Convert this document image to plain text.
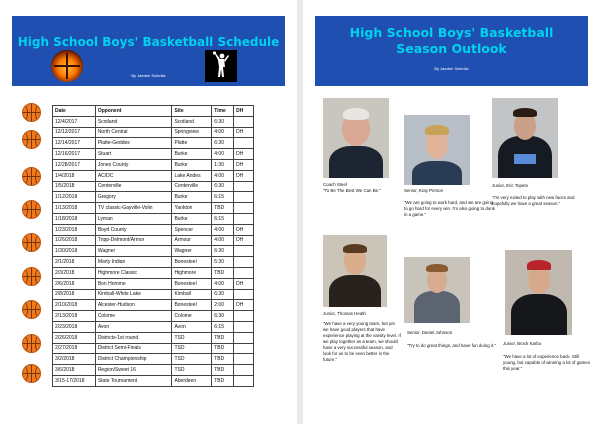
High School Boys' Basketball Schedule
By Jaeden Schmitz
Date	Opponent	Site	Time	DH
12/4/2017	Scotland	Scotland	6:30	
12/12/2017	North Central	Springview	4:00	DH
12/14/2017	Platte-Geddes	Platte	6:30	
12/16/2017	Stuart	Burke	4:00	DH
12/28/2017	Jones County	Burke	1:30	DH
1/4/2018	AC/DC	Lake Andes	4:00	DH
1/5/2018	Centerville	Centerville	6:30	
1/12/2018	Gregory	Burke	6:15	
1/13/2018	TV classic-Gayville-Volin	Yankton	TBD	
1/18/2018	Lyman	Burke	6:15	
1/23/2018	Boyd County	Spencer	4:00	DH
1/26/2018	Tripp-Delmont/Armor	Armour	4:00	DH
1/30/2018	Wagner	Wagner	6:30	
2/1/2018	Marty Indian	Bonesteel	5:30	
2/3/2018	Highmore Classic	Highmore	TBD	
2/6/2018	Bon Homme	Bonesteel	4:00	DH
2/8/2018	Kimball-White Lake	Kimball	6:30	
2/10/2018	Alcester-Hudson	Bonesteel	2:00	DH
2/13/2018	Colome	Colome	6:30	
2/23/2018	Avon	Avon	6:15	
2/26/2018	Districts-1st round	TSD	TBD	
2/27/2018	District Semi-Finals	TSD	TBD	
3/2/2018	District Championship	TSD	TBD	
3/6/2018	Region/Sweet 16	TSD	TBD	
3/15-17/2018	State Tournament	Aberdeen	TBD	
High School Boys' Basketball Season Outlook
By Jaeden Schmitz
Coach Steel
"To Be The Best We Can Be."	Senior, Kray Person
"We are going to work hard, and we are going to go hard for every win. I'm also going to dunk in a game."
Junior, Eric Topete
"I'm very exited to play with new faces and hopefully we have a great season."
Junior, Thomas Heath
"We have a very young team, but yet we have good players that have experience playing at the varsity level. If we play together as a team, we should have a very successful season, and look for us to be even better in the future."
Senior, Daniel Johnson
"Try to do great things, and have fun doing it."	Junior, Brock Karbo
"We have a lot of experience back. Still young, but capable of winning a lot of games this year."
